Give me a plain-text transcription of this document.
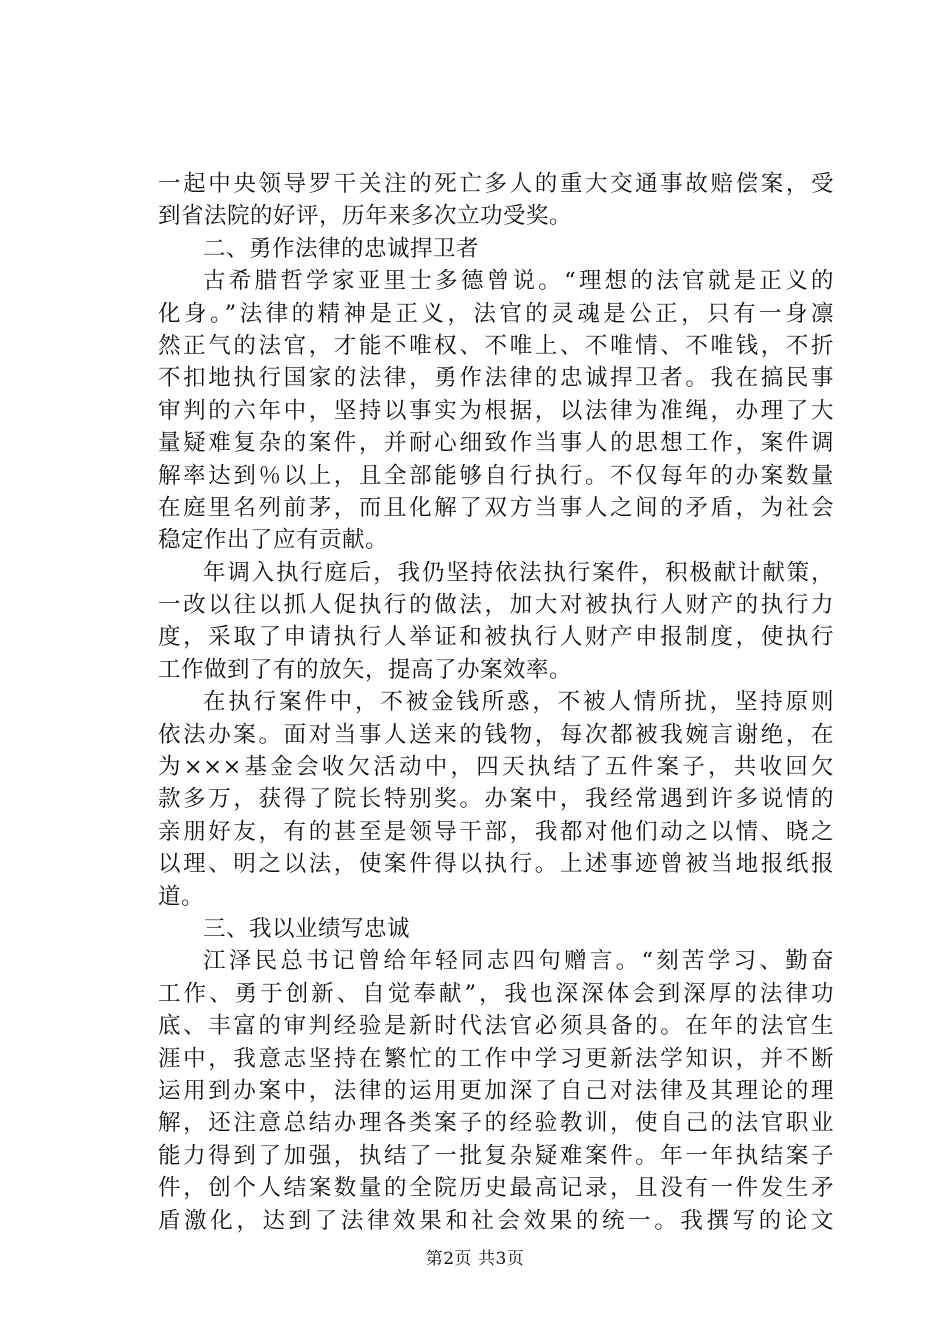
一起中央领导罗干关注的死亡多人的重大交通事故赔偿案，受
到省法院的好评，历年来多次立功受奖。
二、勇作法律的忠诚捍卫者
古希腊哲学家亚里士多德曾说。“理想的法官就是正义的
化身。”法律的精神是正义，法官的灵魂是公正，只有一身凛
然正气的法官，才能不唯权、不唯上、不唯情、不唯钱，不折
不扣地执行国家的法律，勇作法律的忠诚捍卫者。我在搞民事
审判的六年中，坚持以事实为根据，以法律为准绳，办理了大
量疑难复杂的案件，并耐心细致作当事人的思想工作，案件调
解率达到％以上，且全部能够自行执行。不仅每年的办案数量
在庭里名列前茅，而且化解了双方当事人之间的矛盾，为社会
稳定作出了应有贡献。
年调入执行庭后，我仍坚持依法执行案件，积极献计献策，
一改以往以抓人促执行的做法，加大对被执行人财产的执行力
度，采取了申请执行人举证和被执行人财产申报制度，使执行
工作做到了有的放矢，提高了办案效率。
在执行案件中，不被金钱所惑，不被人情所扰，坚持原则
依法办案。面对当事人送来的钱物，每次都被我婉言谢绝，在
为×××基金会收欠活动中，四天执结了五件案子，共收回欠
款多万，获得了院长特别奖。办案中，我经常遇到许多说情的
亲朋好友，有的甚至是领导干部，我都对他们动之以情、晓之
以理、明之以法，使案件得以执行。上述事迹曾被当地报纸报
道。
三、我以业绩写忠诚
江泽民总书记曾给年轻同志四句赠言。“刻苦学习、勤奋
工作、勇于创新、自觉奉献”，我也深深体会到深厚的法律功
底、丰富的审判经验是新时代法官必须具备的。在年的法官生
涯中，我意志坚持在繁忙的工作中学习更新法学知识，并不断
运用到办案中，法律的运用更加深了自己对法律及其理论的理
解，还注意总结办理各类案子的经验教训，使自己的法官职业
能力得到了加强，执结了一批复杂疑难案件。年一年执结案子
件，创个人结案数量的全院历史最高记录，且没有一件发生矛
盾激化，达到了法律效果和社会效果的统一。我撰写的论文
第2页 共3页
